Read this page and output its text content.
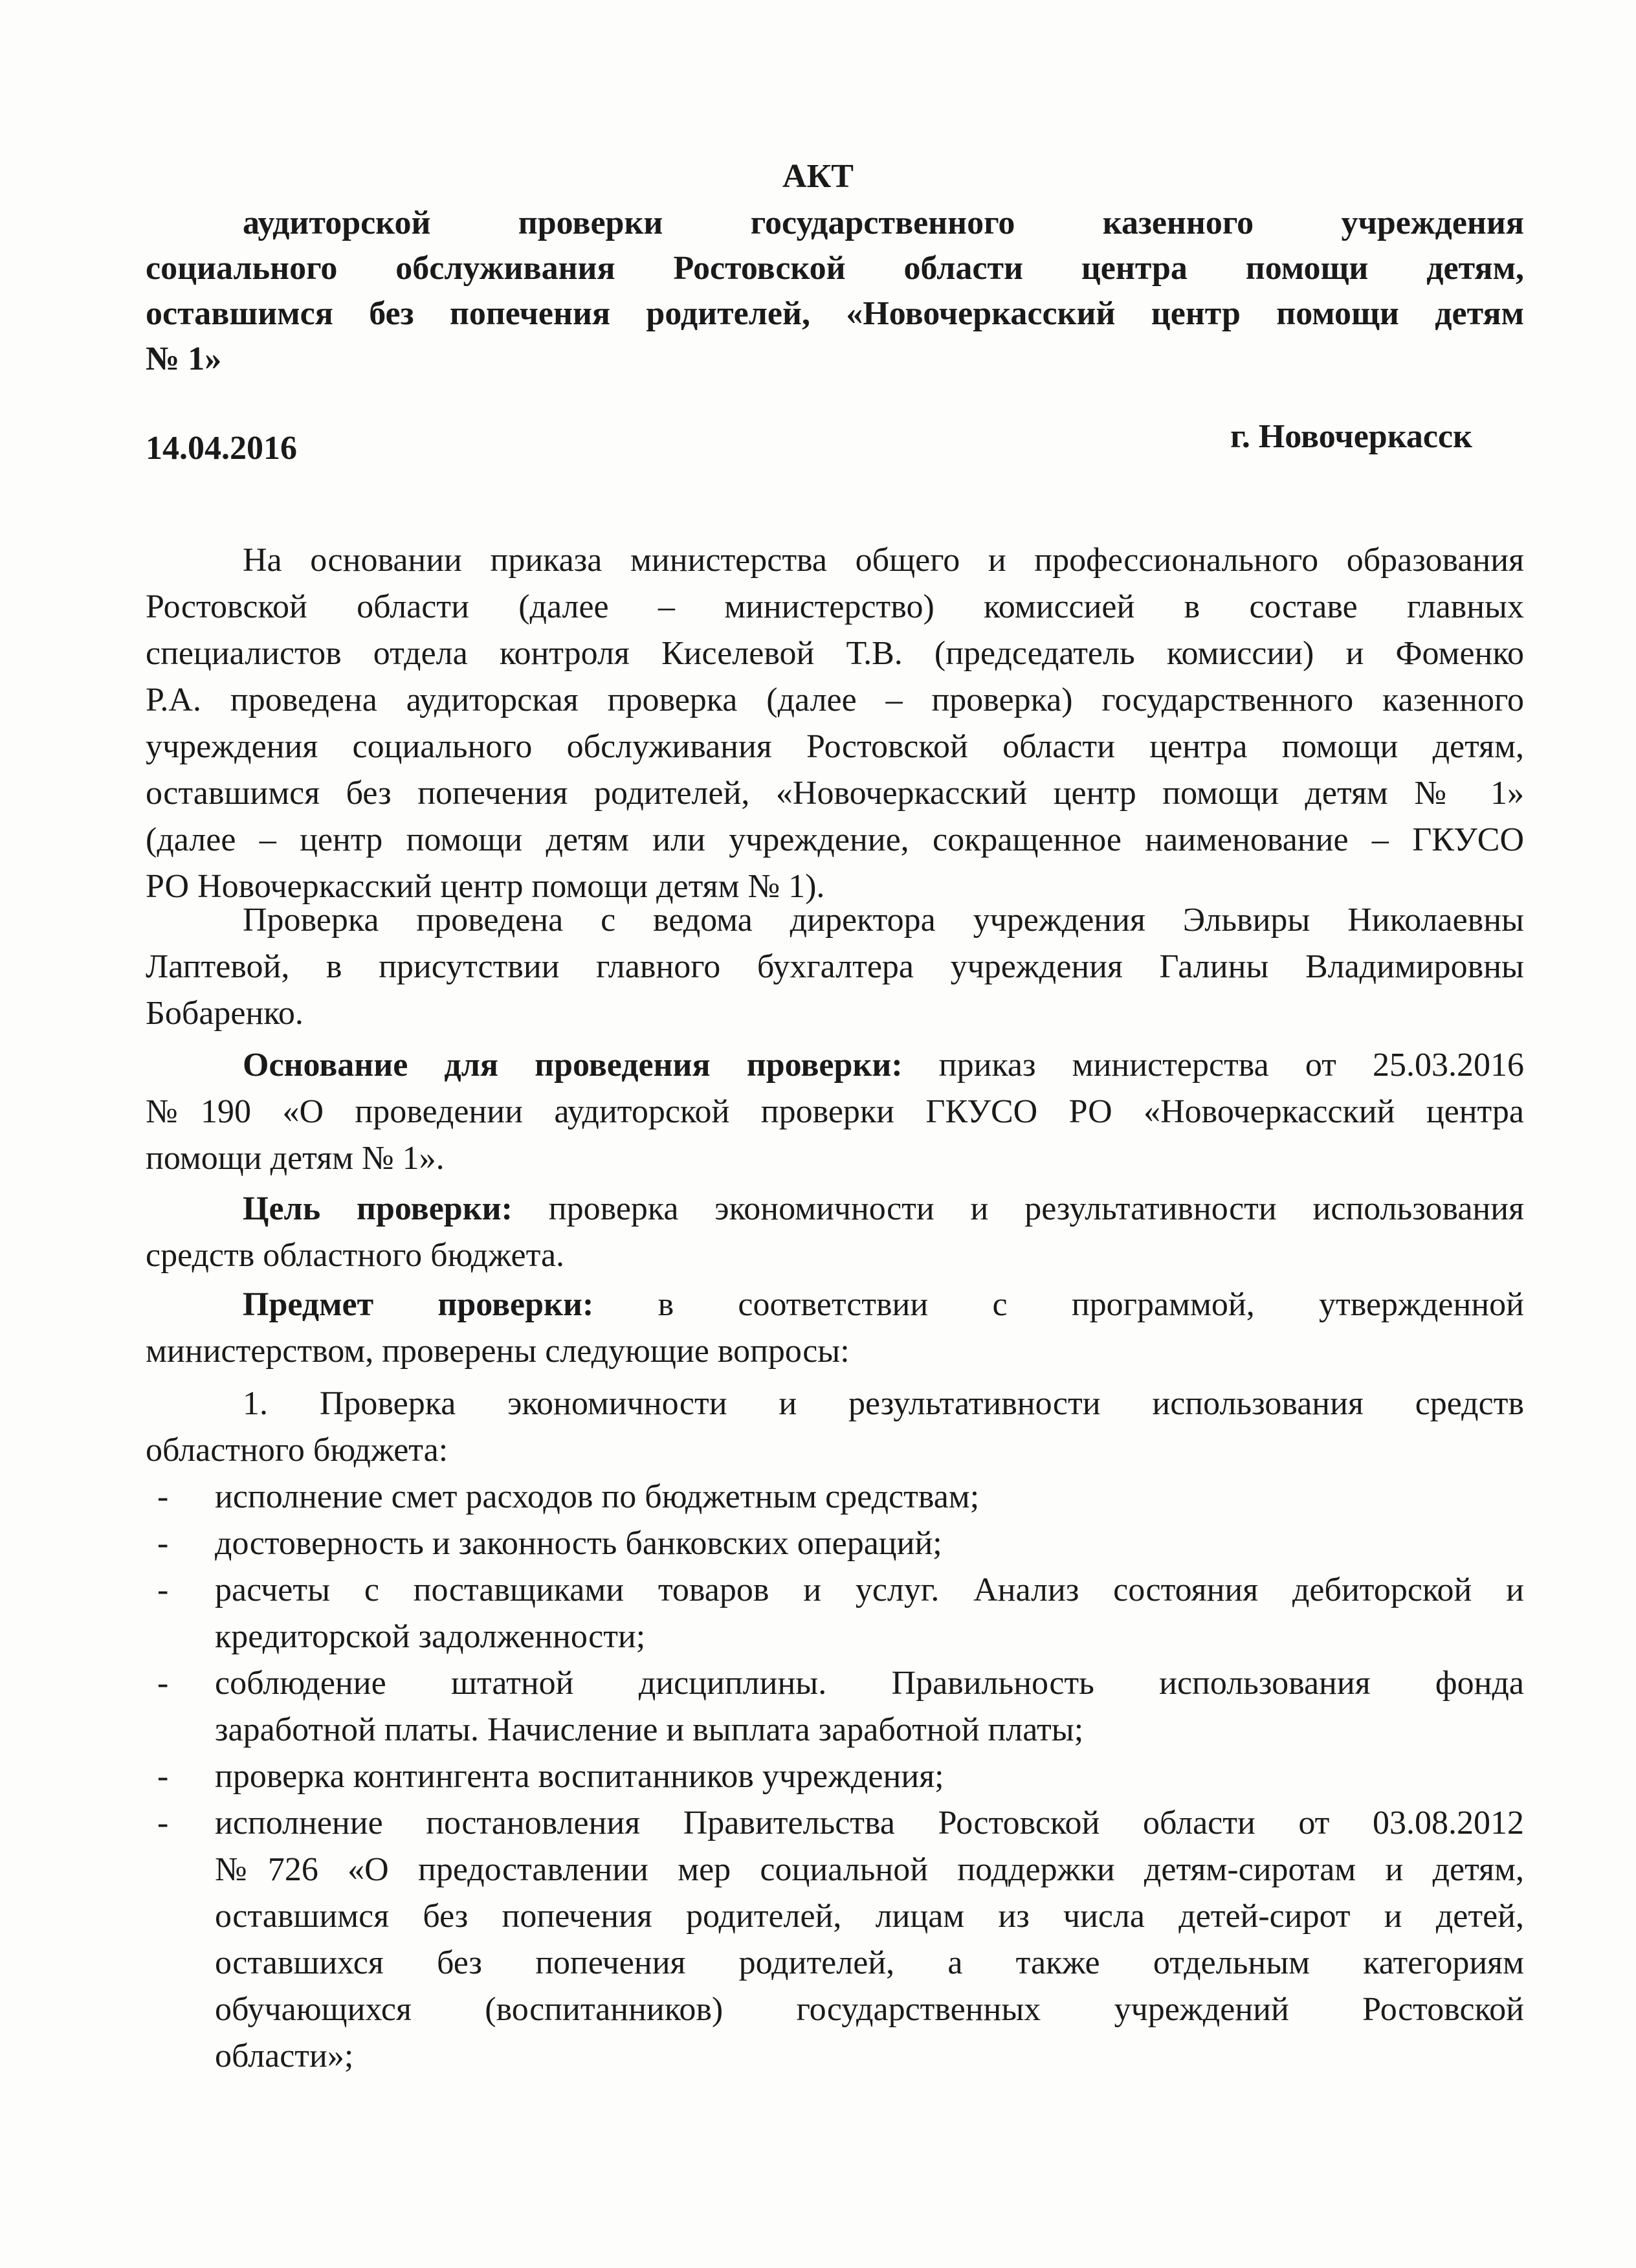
АКТ
аудиторской проверки государственного казенного учреждения
социального обслуживания Ростовской области центра помощи детям,
оставшимся без попечения родителей, «Новочеркасский центр помощи детям
№ 1»
14.04.2016	г. Новочеркасск
На основании приказа министерства общего и профессионального образования
Ростовской области (далее – министерство) комиссией в составе главных
специалистов отдела контроля Киселевой Т.В. (председатель комиссии) и Фоменко
Р.А. проведена аудиторская проверка (далее – проверка) государственного казенного
учреждения социального обслуживания Ростовской области центра помощи детям,
оставшимся без попечения родителей, «Новочеркасский центр помощи детям № 1»
(далее – центр помощи детям или учреждение, сокращенное наименование – ГКУСО
РО Новочеркасский центр помощи детям № 1).
Проверка проведена с ведома директора учреждения Эльвиры Николаевны
Лаптевой, в присутствии главного бухгалтера учреждения Галины Владимировны
Бобаренко.
Основание для проведения проверки: приказ министерства от 25.03.2016
№190 «О проведении аудиторской проверки ГКУСО РО «Новочеркасский центра
помощи детям № 1».
Цель проверки: проверка экономичности и результативности использования
средств областного бюджета.
Предмет проверки: в соответствии с программой, утвержденной
министерством, проверены следующие вопросы:
1. Проверка экономичности и результативности использования средств
областного бюджета:
- исполнение смет расходов по бюджетным средствам;
- достоверность и законность банковских операций;
- расчеты с поставщиками товаров и услуг. Анализ состояния дебиторской и
кредиторской задолженности;
- соблюдение штатной дисциплины. Правильность использования фонда
заработной платы. Начисление и выплата заработной платы;
- проверка контингента воспитанников учреждения;
- исполнение постановления Правительства Ростовской области от 03.08.2012
№726 «О предоставлении мер социальной поддержки детям-сиротам и детям,
оставшимся без попечения родителей, лицам из числа детей-сирот и детей,
оставшихся без попечения родителей, а также отдельным категориям
обучающихся (воспитанников) государственных учреждений Ростовской
области»;
